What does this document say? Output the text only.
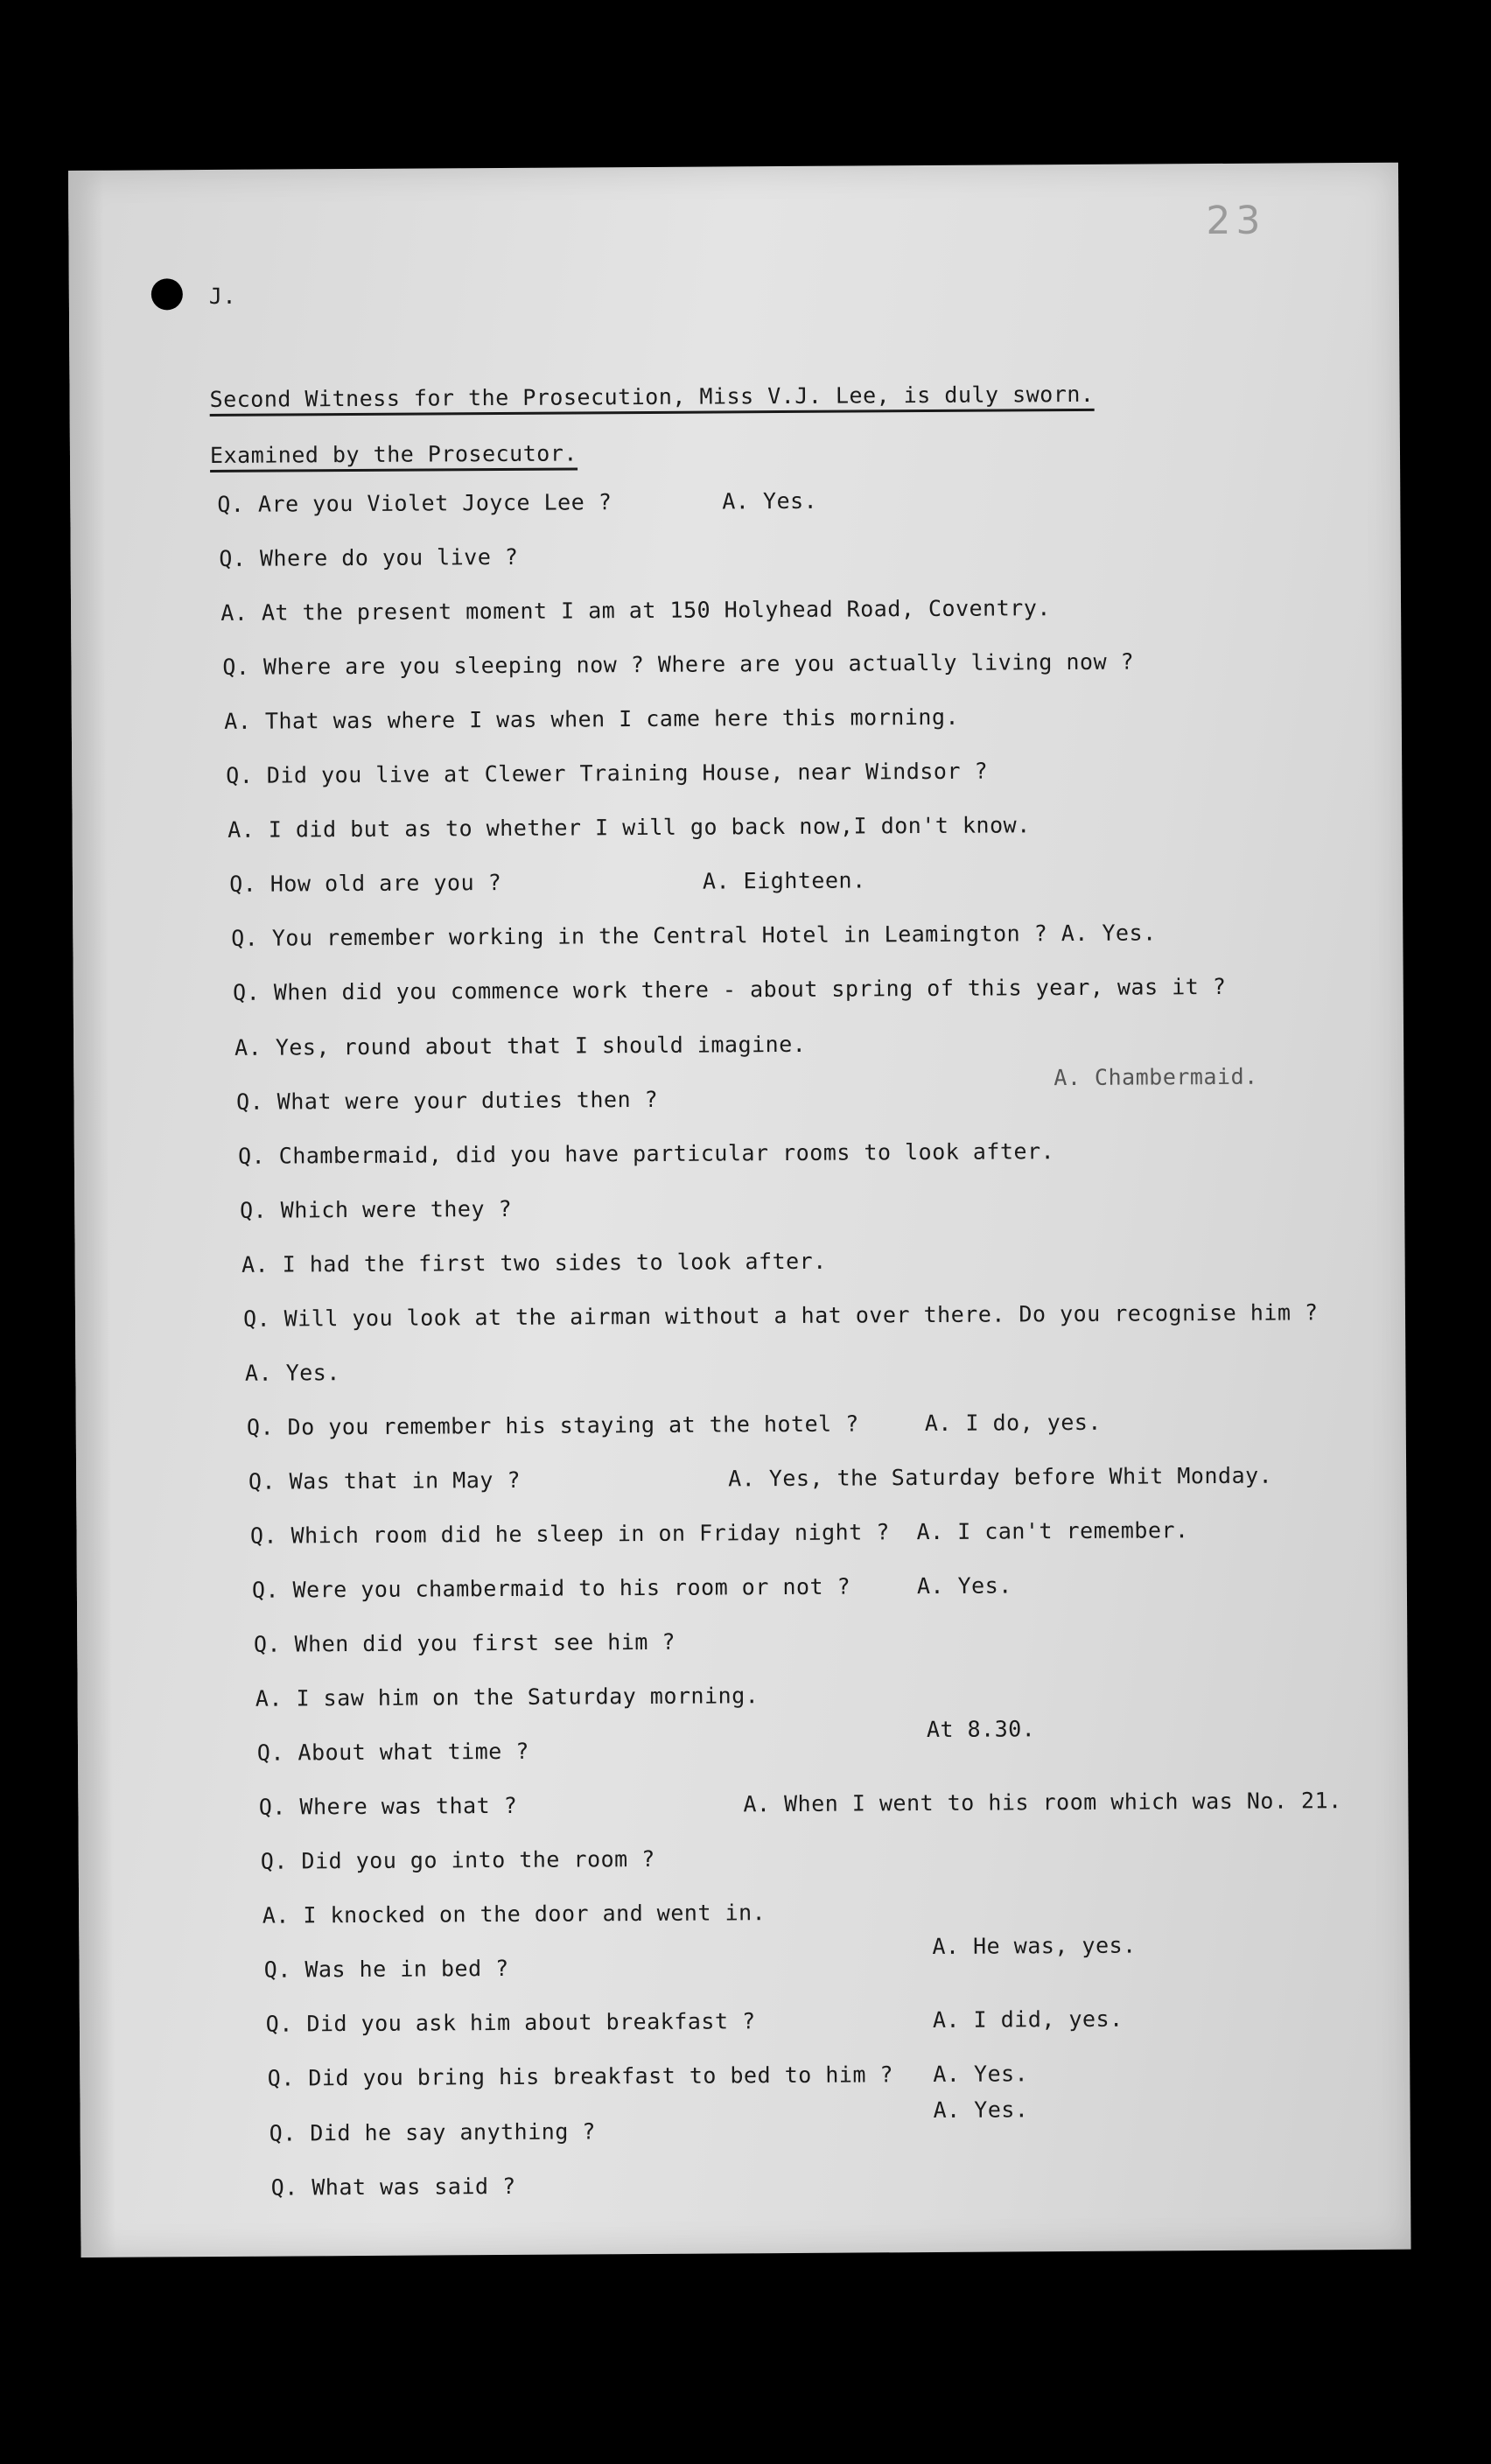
23
J.
Second Witness for the Prosecution, Miss V.J. Lee, is duly sworn.
Examined by the Prosecutor.
Q. Are you Violet Joyce Lee ?	A. Yes.
Q. Where do you live ?
A. At the present moment I am at 150 Holyhead Road, Coventry.
Q. Where are you sleeping now ? Where are you actually living now ?
A. That was where I was when I came here this morning.
Q. Did you live at Clewer Training House, near Windsor ?
A. I did but as to whether I will go back now,I don't know.
Q. How old are you ?	A. Eighteen.
Q. You remember working in the Central Hotel in Leamington ? A. Yes.
Q. When did you commence work there - about spring of this year, was it ?
A. Yes, round about that I should imagine.
Q. What were your duties then ?
A. Chambermaid.
Q. Chambermaid, did you have particular rooms to look after.
Q. Which were they ?
A. I had the first two sides to look after.
Q. Will you look at the airman without a hat over there. Do you recognise him ?
A. Yes.
Q. Do you remember his staying at the hotel ?	A. I do, yes.
Q. Was that in May ?	A. Yes, the Saturday before Whit Monday.
Q. Which room did he sleep in on Friday night ? A. I can't remember.
Q. Were you chambermaid to his room or not ?	A. Yes.
Q. When did you first see him ?
A. I saw him on the Saturday morning.
Q. About what time ?
At 8.30.
Q. Where was that ?	A. When I went to his room which was No. 21.
Q. Did you go into the room ?
A. I knocked on the door and went in.
Q. Was he in bed ?
A. He was, yes.
Q. Did you ask him about breakfast ?	A. I did, yes.
Q. Did you bring his breakfast to bed to him ? A. Yes.
Q. Did he say anything ?
A. Yes.
Q. What was said ?
